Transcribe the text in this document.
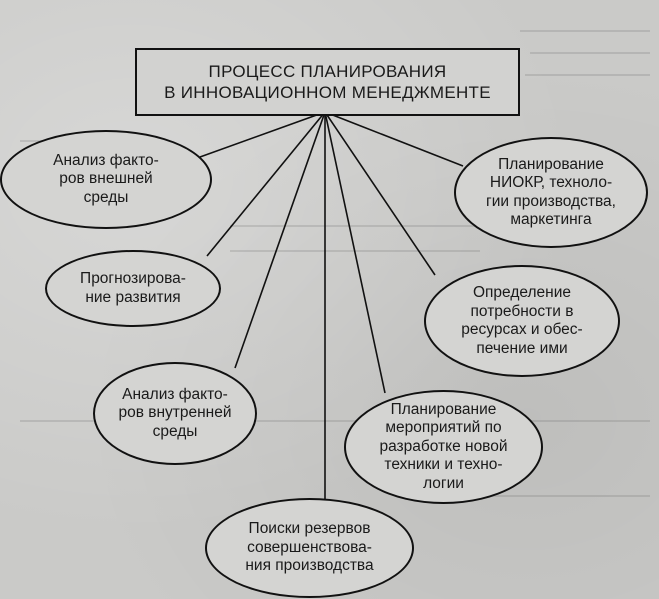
ПРОЦЕСС ПЛАНИРОВАНИЯ
В ИННОВАЦИОННОМ МЕНЕДЖМЕНТЕ
Анализ факто-
ров внешней
среды
Прогнозирова-
ние развития
Анализ факто-
ров внутренней
среды
Поиски резервов
совершенствова-
ния производства
Планирование
НИОКР, техноло-
гии производства,
маркетинга
Определение
потребности в
ресурсах и обес-
печение ими
Планирование
мероприятий по
разработке новой
техники и техно-
логии
